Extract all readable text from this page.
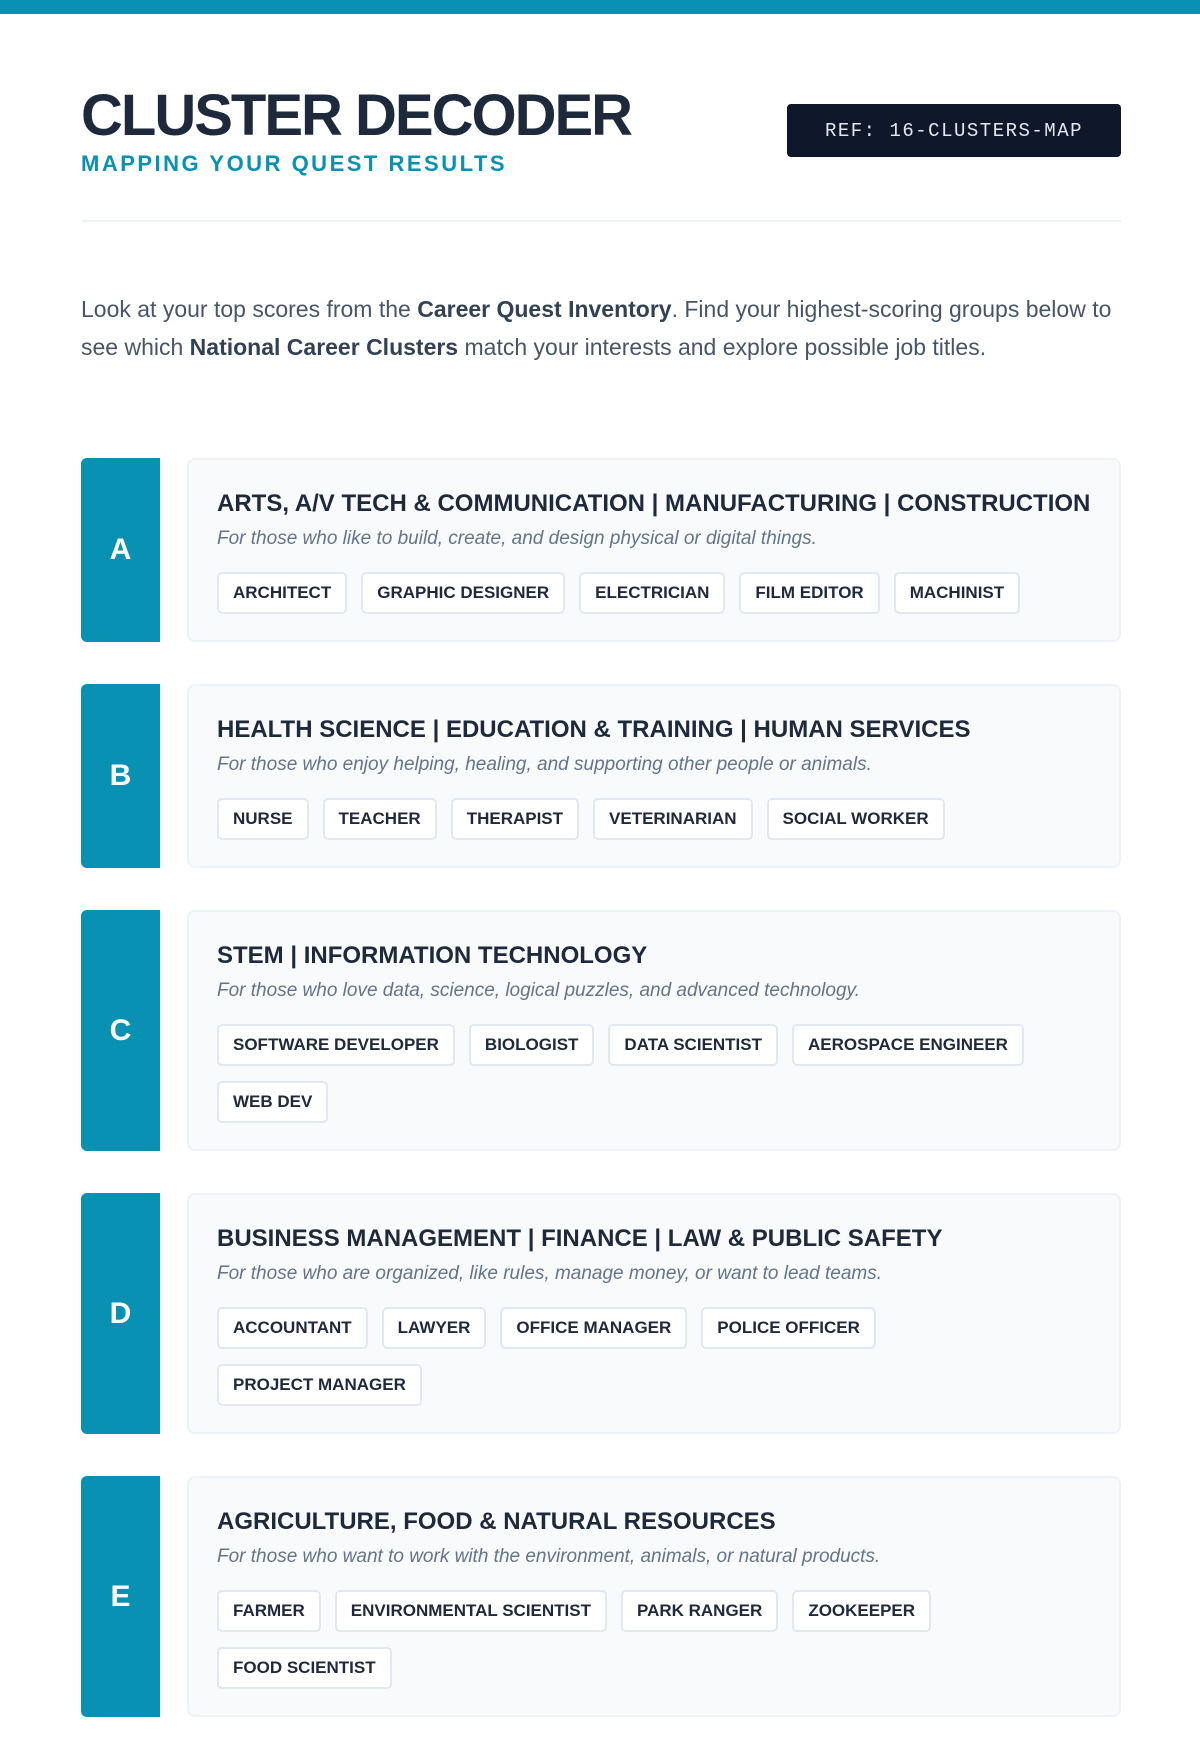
CLUSTER DECODER
MAPPING YOUR QUEST RESULTS
REF: 16-CLUSTERS-MAP

Look at your top scores from the Career Quest Inventory. Find your highest-scoring groups below to see which National Career Clusters match your interests and explore possible job titles.

A
ARTS, A/V TECH & COMMUNICATION | MANUFACTURING | CONSTRUCTION

For those who like to build, create, and design physical or digital things.

ARCHITECT	GRAPHIC DESIGNER	ELECTRICIAN	FILM EDITOR	MACHINIST
B
HEALTH SCIENCE | EDUCATION & TRAINING | HUMAN SERVICES

For those who enjoy helping, healing, and supporting other people or animals.

NURSE	TEACHER	THERAPIST	VETERINARIAN	SOCIAL WORKER
C
STEM | INFORMATION TECHNOLOGY

For those who love data, science, logical puzzles, and advanced technology.

SOFTWARE DEVELOPER	BIOLOGIST	DATA SCIENTIST	AEROSPACE ENGINEER
WEB DEV
D
BUSINESS MANAGEMENT | FINANCE | LAW & PUBLIC SAFETY

For those who are organized, like rules, manage money, or want to lead teams.

ACCOUNTANT	LAWYER	OFFICE MANAGER	POLICE OFFICER
PROJECT MANAGER
E
AGRICULTURE, FOOD & NATURAL RESOURCES

For those who want to work with the environment, animals, or natural products.

FARMER	ENVIRONMENTAL SCIENTIST	PARK RANGER	ZOOKEEPER
FOOD SCIENTIST
